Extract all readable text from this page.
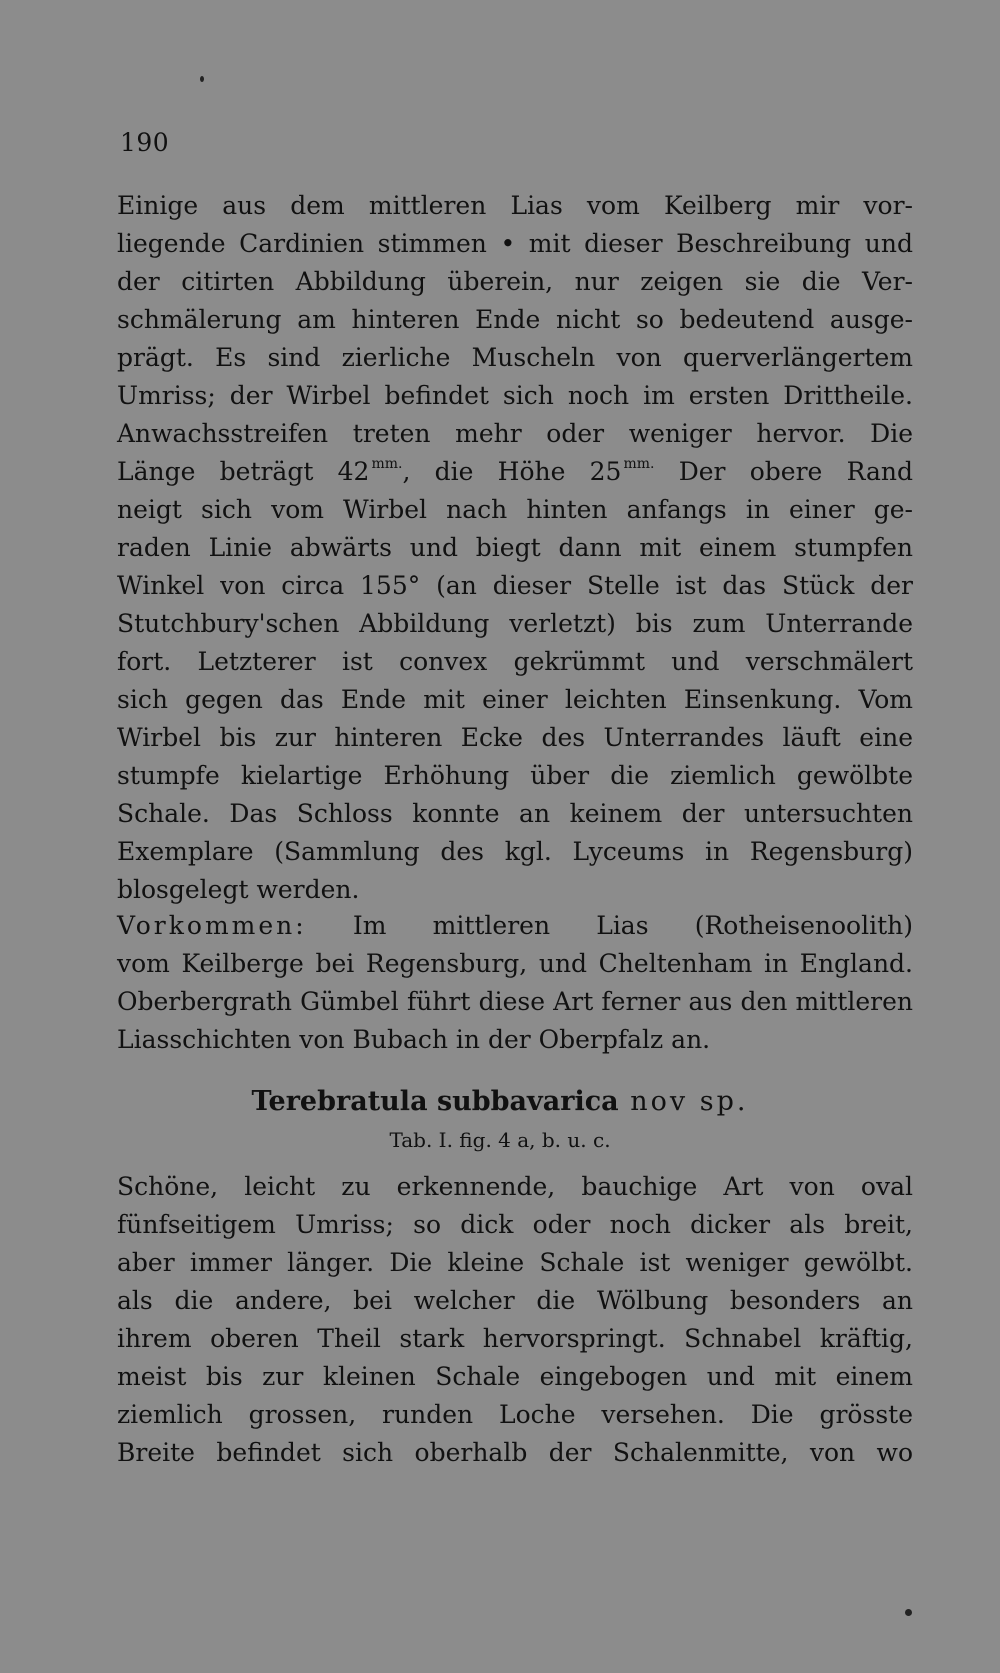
190
Einige aus dem mittleren Lias vom Keilberg mir vor-
liegende Cardinien stimmen • mit dieser Beschreibung und
der citirten Abbildung überein, nur zeigen sie die Ver-
schmälerung am hinteren Ende nicht so bedeutend ausge-
prägt. Es sind zierliche Muscheln von querverlängertem
Umriss; der Wirbel befindet sich noch im ersten Drittheile.
Anwachsstreifen treten mehr oder weniger hervor. Die
Länge beträgt 42 $^{mm.}$, die Höhe 25 $^{mm.}$ Der obere Rand
neigt sich vom Wirbel nach hinten anfangs in einer ge-
raden Linie abwärts und biegt dann mit einem stumpfen
Winkel von circa 155° (an dieser Stelle ist das Stück der
Stutchbury'schen Abbildung verletzt) bis zum Unterrande
fort. Letzterer ist convex gekrümmt und verschmälert
sich gegen das Ende mit einer leichten Einsenkung. Vom
Wirbel bis zur hinteren Ecke des Unterrandes läuft eine
stumpfe kielartige Erhöhung über die ziemlich gewölbte
Schale. Das Schloss konnte an keinem der untersuchten
Exemplare (Sammlung des kgl. Lyceums in Regensburg)
blosgelegt werden.
Vorkommen: Im mittleren Lias (Rotheisenoolith)
vom Keilberge bei Regensburg, und Cheltenham in England.
Oberbergrath Gümbel führt diese Art ferner aus den mittleren
Liasschichten von Bubach in der Oberpfalz an.
Terebratula subbavarica nov sp.
Tab. I. fig. 4 a, b. u. c.
Schöne, leicht zu erkennende, bauchige Art von oval
fünfseitigem Umriss; so dick oder noch dicker als breit,
aber immer länger. Die kleine Schale ist weniger gewölbt.
als die andere, bei welcher die Wölbung besonders an
ihrem oberen Theil stark hervorspringt. Schnabel kräftig,
meist bis zur kleinen Schale eingebogen und mit einem
ziemlich grossen, runden Loche versehen. Die grösste
Breite befindet sich oberhalb der Schalenmitte, von wo
